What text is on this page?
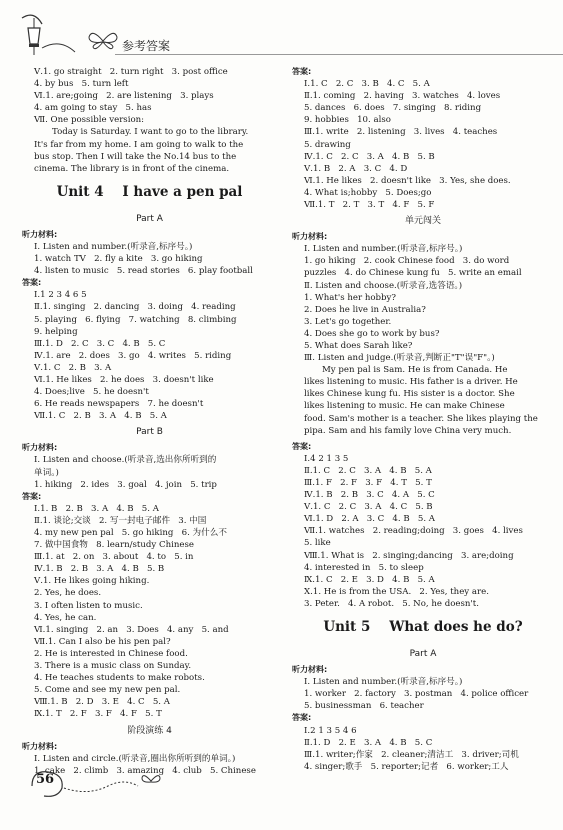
参考答案
Ⅴ.1. go straight   2. turn right   3. post office
4. by bus   5. turn left
Ⅵ.1. are;going   2. are listening   3. plays
4. am going to stay   5. has
Ⅶ. One possible version:
Today is Saturday. I want to go to the library.
It's far from my home. I am going to walk to the
bus stop. Then I will take the No.14 bus to the
cinema. The library is in front of the cinema.
Unit 4    I have a pen pal
Part A
听力材料:
Ⅰ. Listen and number.(听录音,标序号。)
1. watch TV   2. fly a kite   3. go hiking
4. listen to music   5. read stories   6. play football
答案:
Ⅰ.1 2 3 4 6 5
Ⅱ.1. singing   2. dancing   3. doing   4. reading
5. playing   6. flying   7. watching   8. climbing
9. helping
Ⅲ.1. D   2. C   3. C   4. B   5. C
Ⅳ.1. are   2. does   3. go   4. writes   5. riding
Ⅴ.1. C   2. B   3. A
Ⅵ.1. He likes   2. he does   3. doesn't like
4. Does;live   5. he doesn't
6. He reads newspapers   7. he doesn't
Ⅶ.1. C   2. B   3. A   4. B   5. A
Part B
听力材料:
Ⅰ. Listen and choose.(听录音,选出你所听到的
单词。)
1. hiking   2. ides   3. goal   4. join   5. trip
答案:
Ⅰ.1. B   2. B   3. A   4. B   5. A
Ⅱ.1. 谈论;交谈   2. 写一封电子邮件   3. 中国
4. my new pen pal   5. go hiking   6. 为什么不
7. 做中国食物   8. learn/study Chinese
Ⅲ.1. at   2. on   3. about   4. to   5. in
Ⅳ.1. B   2. B   3. A   4. B   5. B
Ⅴ.1. He likes going hiking.
2. Yes, he does.
3. I often listen to music.
4. Yes, he can.
Ⅵ.1. singing   2. an   3. Does   4. any   5. and
Ⅶ.1. Can I also be his pen pal?
2. He is interested in Chinese food.
3. There is a music class on Sunday.
4. He teaches students to make robots.
5. Come and see my new pen pal.
Ⅷ.1. B   2. D   3. E   4. C   5. A
Ⅸ.1. T   2. F   3. F   4. F   5. T
阶段演练 4
听力材料:
Ⅰ. Listen and circle.(听录音,圈出你所听到的单词。)
1. cake   2. climb   3. amazing   4. club   5. Chinese
答案:
Ⅰ.1. C   2. C   3. B   4. C   5. A
Ⅱ.1. coming   2. having   3. watches   4. loves
5. dances   6. does   7. singing   8. riding
9. hobbies   10. also
Ⅲ.1. write   2. listening   3. lives   4. teaches
5. drawing
Ⅳ.1. C   2. C   3. A   4. B   5. B
Ⅴ.1. B   2. A   3. C   4. D
Ⅵ.1. He likes   2. doesn't like   3. Yes, she does.
4. What is;hobby   5. Does;go
Ⅶ.1. T   2. T   3. T   4. F   5. F
单元闯关
听力材料:
Ⅰ. Listen and number.(听录音,标序号。)
1. go hiking   2. cook Chinese food   3. do word
puzzles   4. do Chinese kung fu   5. write an email
Ⅱ. Listen and choose.(听录音,选答语。)
1. What's her hobby?
2. Does he live in Australia?
3. Let's go together.
4. Does she go to work by bus?
5. What does Sarah like?
Ⅲ. Listen and judge.(听录音,判断正"T"误"F"。)
My pen pal is Sam. He is from Canada. He
likes listening to music. His father is a driver. He
likes Chinese kung fu. His sister is a doctor. She
likes listening to music. He can make Chinese
food. Sam's mother is a teacher. She likes playing the
pipa. Sam and his family love China very much.
答案:
Ⅰ.4 2 1 3 5
Ⅱ.1. C   2. C   3. A   4. B   5. A
Ⅲ.1. F   2. F   3. F   4. T   5. T
Ⅳ.1. B   2. B   3. C   4. A   5. C
Ⅴ.1. C   2. C   3. A   4. C   5. B
Ⅵ.1. D   2. A   3. C   4. B   5. A
Ⅶ.1. watches   2. reading;doing   3. goes   4. lives
5. like
Ⅷ.1. What is   2. singing;dancing   3. are;doing
4. interested in   5. to sleep
Ⅸ.1. C   2. E   3. D   4. B   5. A
Ⅹ.1. He is from the USA.   2. Yes, they are.
3. Peter.   4. A robot.   5. No, he doesn't.
Unit 5    What does he do?
Part A
听力材料:
Ⅰ. Listen and number.(听录音,标序号。)
1. worker   2. factory   3. postman   4. police officer
5. businessman   6. teacher
答案:
Ⅰ.2 1 3 5 4 6
Ⅱ.1. D   2. E   3. A   4. B   5. C
Ⅲ.1. writer;作家   2. cleaner;清洁工   3. driver;司机
4. singer;歌手   5. reporter;记者   6. worker;工人
56
